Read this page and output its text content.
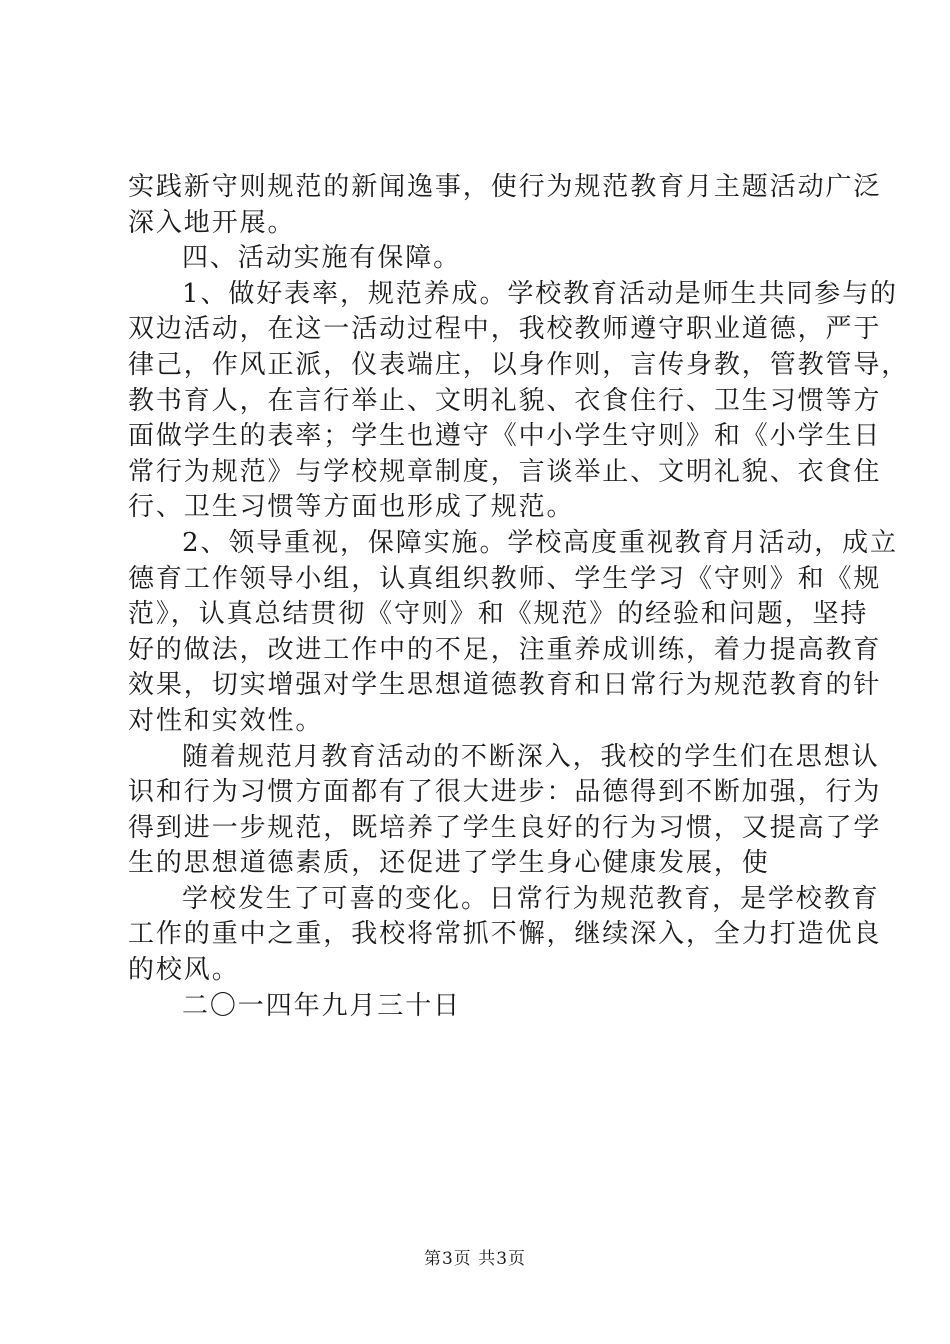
实践新守则规范的新闻逸事，使行为规范教育月主题活动广泛
深入地开展。
四、活动实施有保障。
1、做好表率，规范养成。学校教育活动是师生共同参与的
双边活动，在这一活动过程中，我校教师遵守职业道德，严于
律己，作风正派，仪表端庄，以身作则，言传身教，管教管导，
教书育人，在言行举止、文明礼貌、衣食住行、卫生习惯等方
面做学生的表率；学生也遵守《中小学生守则》和《小学生日
常行为规范》与学校规章制度，言谈举止、文明礼貌、衣食住
行、卫生习惯等方面也形成了规范。
2、领导重视，保障实施。学校高度重视教育月活动，成立
德育工作领导小组，认真组织教师、学生学习《守则》和《规
范》，认真总结贯彻《守则》和《规范》的经验和问题，坚持
好的做法，改进工作中的不足，注重养成训练，着力提高教育
效果，切实增强对学生思想道德教育和日常行为规范教育的针
对性和实效性。
随着规范月教育活动的不断深入，我校的学生们在思想认
识和行为习惯方面都有了很大进步：品德得到不断加强，行为
得到进一步规范，既培养了学生良好的行为习惯，又提高了学
生的思想道德素质，还促进了学生身心健康发展，使
学校发生了可喜的变化。日常行为规范教育，是学校教育
工作的重中之重，我校将常抓不懈，继续深入，全力打造优良
的校风。
二〇一四年九月三十日
第3页 共3页
